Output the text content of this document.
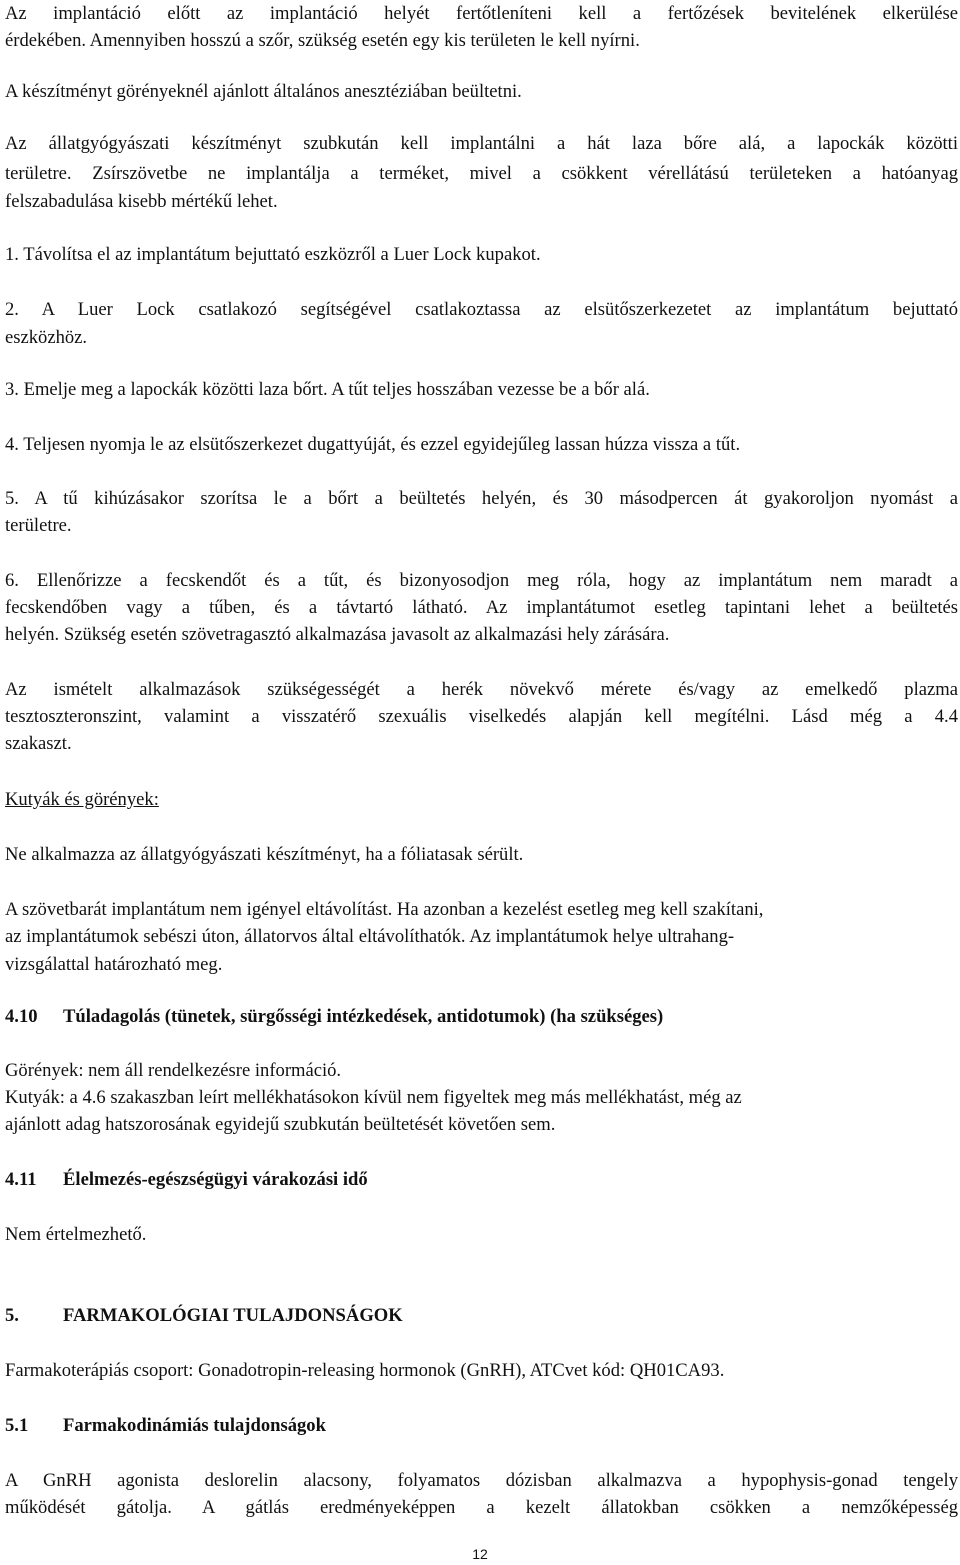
Az implantáció előtt az implantáció helyét fertőtleníteni kell a fertőzések bevitelének elkerülése

érdekében. Amennyiben hosszú a szőr, szükség esetén egy kis területen le kell nyírni.

A készítményt görényeknél ajánlott általános anesztéziában beültetni.

Az állatgyógyászati készítményt szubkután kell implantálni a hát laza bőre alá, a lapockák közötti

területre. Zsírszövetbe ne implantálja a terméket, mivel a csökkent vérellátású területeken a hatóanyag

felszabadulása kisebb mértékű lehet.

1. Távolítsa el az implantátum bejuttató eszközről a Luer Lock kupakot.

2. A Luer Lock csatlakozó segítségével csatlakoztassa az elsütőszerkezetet az implantátum bejuttató

eszközhöz.

3. Emelje meg a lapockák közötti laza bőrt. A tűt teljes hosszában vezesse be a bőr alá.

4. Teljesen nyomja le az elsütőszerkezet dugattyúját, és ezzel egyidejűleg lassan húzza vissza a tűt.

5. A tű kihúzásakor szorítsa le a bőrt a beültetés helyén, és 30 másodpercen át gyakoroljon nyomást a

területre.

6. Ellenőrizze a fecskendőt és a tűt, és bizonyosodjon meg róla, hogy az implantátum nem maradt a

fecskendőben vagy a tűben, és a távtartó látható. Az implantátumot esetleg tapintani lehet a beültetés

helyén. Szükség esetén szövetragasztó alkalmazása javasolt az alkalmazási hely zárására.

Az ismételt alkalmazások szükségességét a herék növekvő mérete és/vagy az emelkedő plazma

tesztoszteronszint, valamint a visszatérő szexuális viselkedés alapján kell megítélni. Lásd még a 4.4

szakaszt.

Kutyák és görények:

Ne alkalmazza az állatgyógyászati készítményt, ha a fóliatasak sérült.

A szövetbarát implantátum nem igényel eltávolítást. Ha azonban a kezelést esetleg meg kell szakítani,

az implantátumok sebészi úton, állatorvos által eltávolíthatók. Az implantátumok helye ultrahang-

vizsgálattal határozható meg.

4.10 Túladagolás (tünetek, sürgősségi intézkedések, antidotumok) (ha szükséges)

Görények: nem áll rendelkezésre információ.

Kutyák: a 4.6 szakaszban leírt mellékhatásokon kívül nem figyeltek meg más mellékhatást, még az

ajánlott adag hatszorosának egyidejű szubkután beültetését követően sem.

4.11 Élelmezés-egészségügyi várakozási idő

Nem értelmezhető.

5. FARMAKOLÓGIAI TULAJDONSÁGOK

Farmakoterápiás csoport: Gonadotropin-releasing hormonok (GnRH), ATCvet kód: QH01CA93.

5.1 Farmakodinámiás tulajdonságok

A GnRH agonista deslorelin alacsony, folyamatos dózisban alkalmazva a hypophysis-gonad tengely

működését gátolja. A gátlás eredményeképpen a kezelt állatokban csökken a nemzőképesség

12
